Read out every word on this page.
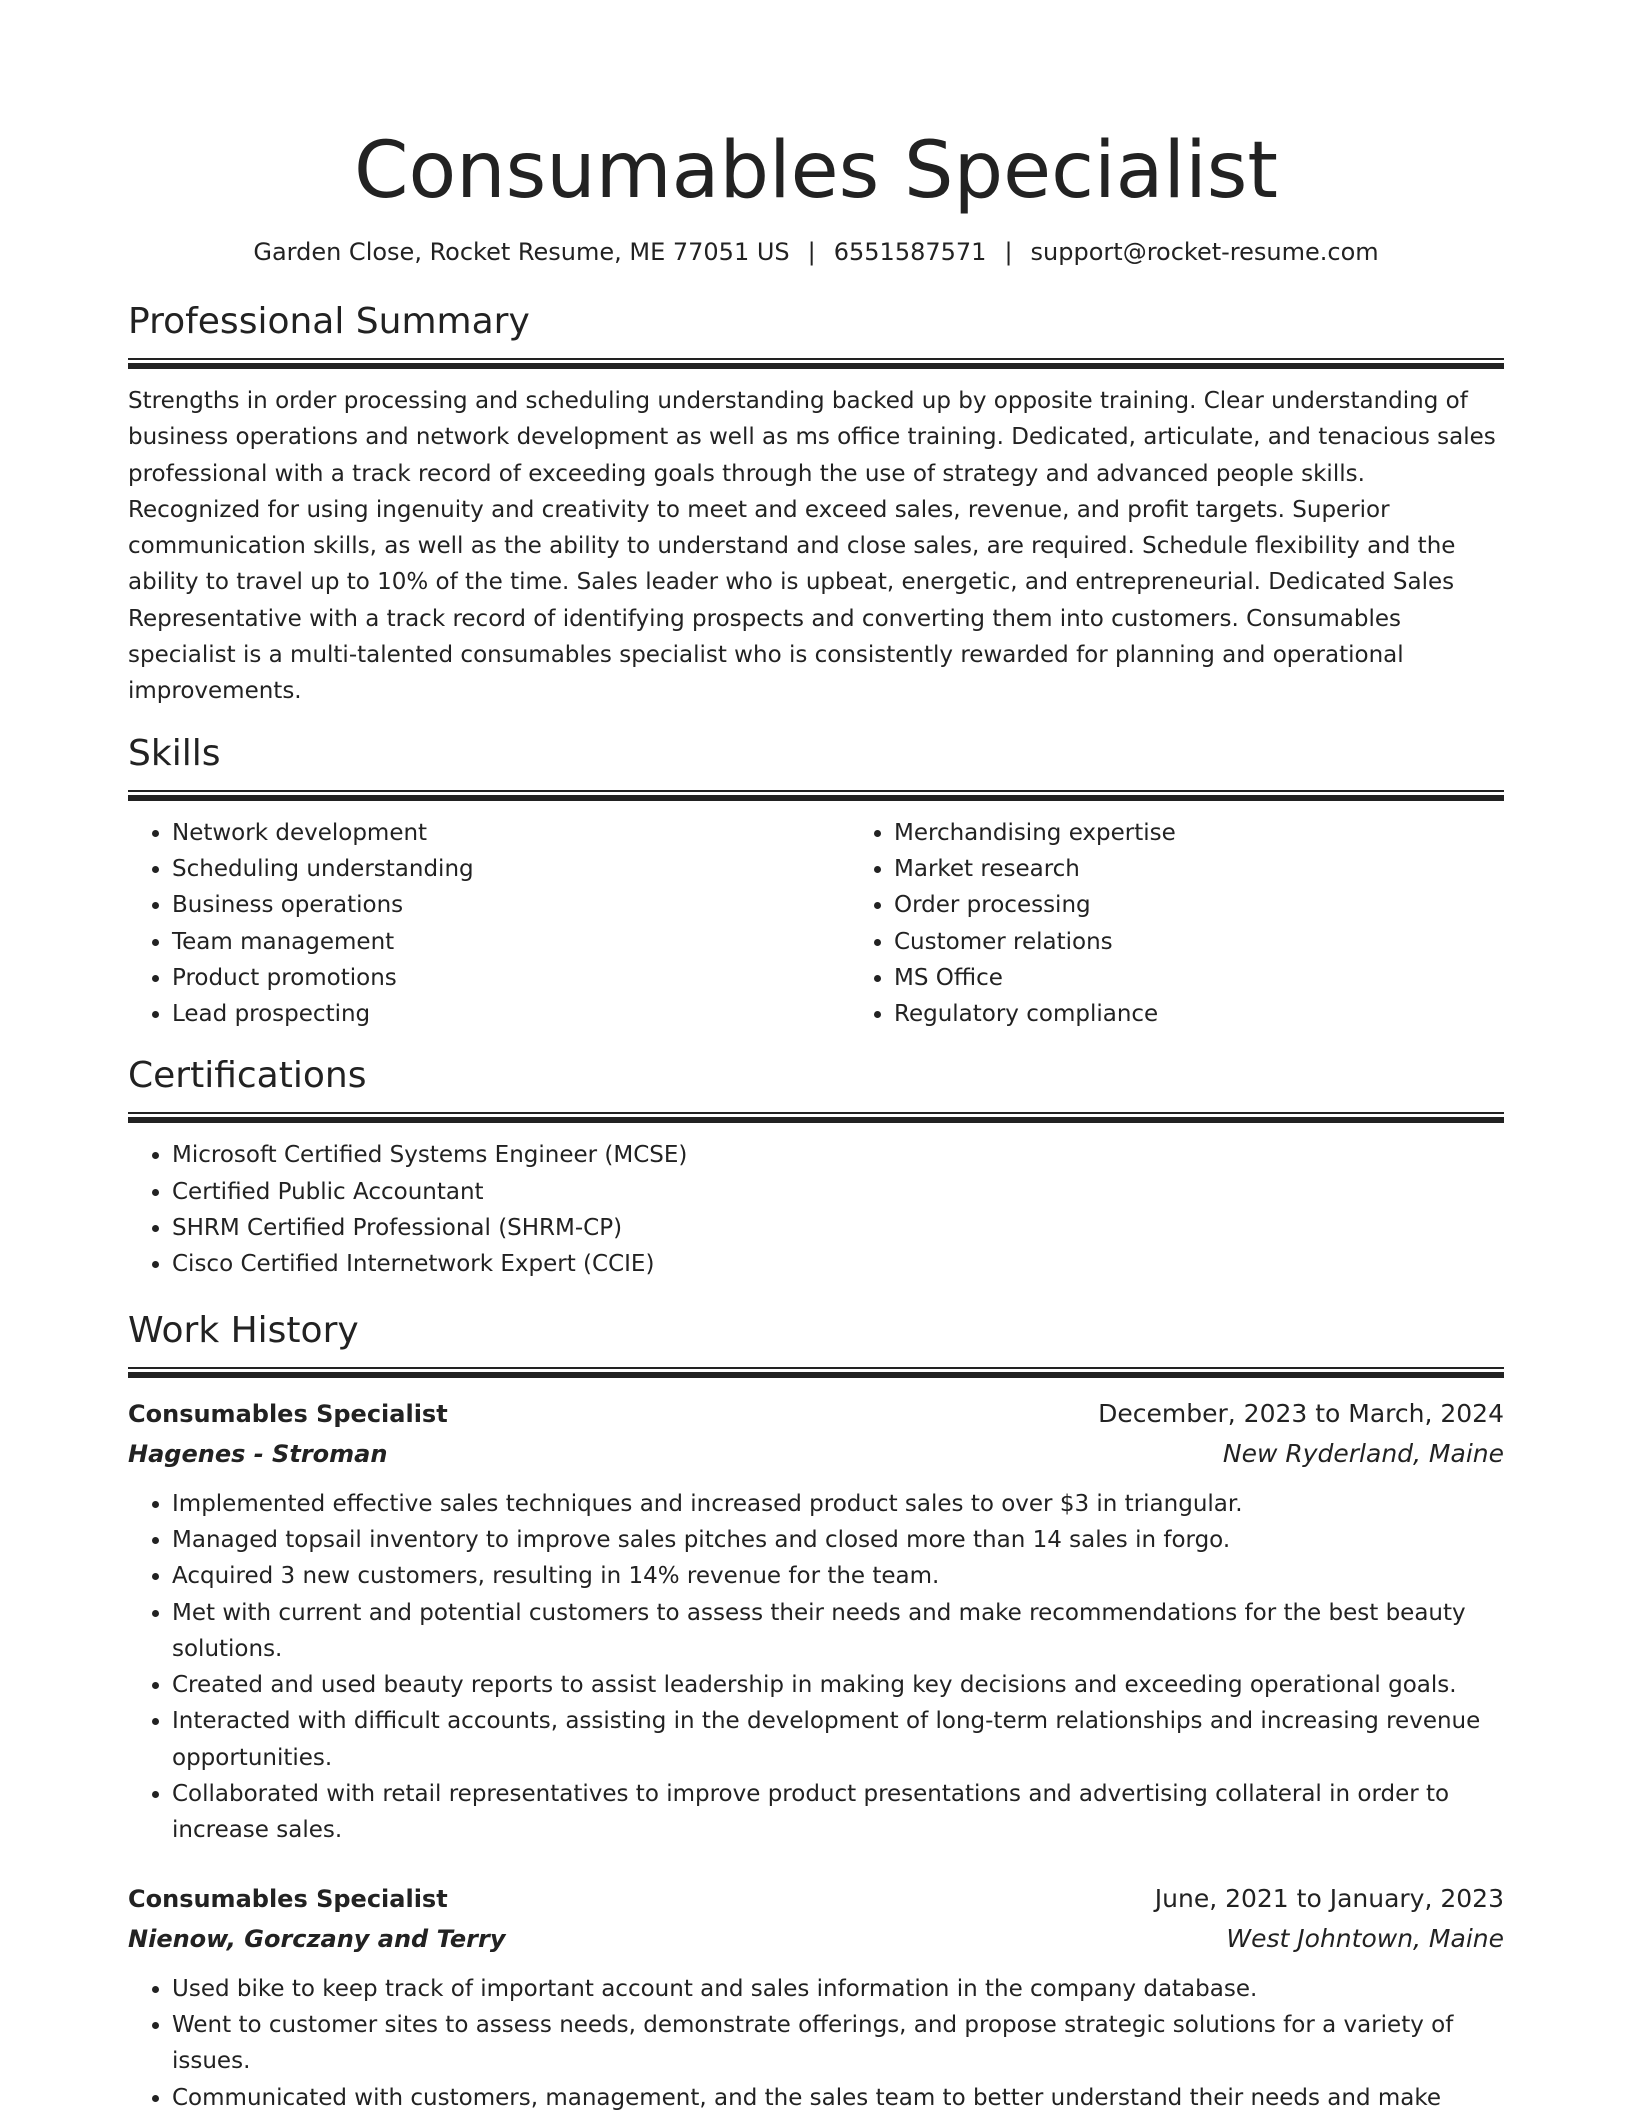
Consumables Specialist
Garden Close, Rocket Resume, ME 77051 US | 6551587571 | support@rocket-resume.com
Professional Summary

Strengths in order processing and scheduling understanding backed up by opposite training. Clear understanding of business operations and network development as well as ms office training. Dedicated, articulate, and tenacious sales professional with a track record of exceeding goals through the use of strategy and advanced people skills. Recognized for using ingenuity and creativity to meet and exceed sales, revenue, and profit targets. Superior communication skills, as well as the ability to understand and close sales, are required. Schedule flexibility and the ability to travel up to 10% of the time. Sales leader who is upbeat, energetic, and entrepreneurial. Dedicated Sales Representative with a track record of identifying prospects and converting them into customers. Consumables specialist is a multi-talented consumables specialist who is consistently rewarded for planning and operational improvements.

Skills
• Network development
• Scheduling understanding
• Business operations
• Team management
• Product promotions
• Lead prospecting
• Merchandising expertise
• Market research
• Order processing
• Customer relations
• MS Office
• Regulatory compliance
Certifications
• Microsoft Certified Systems Engineer (MCSE)
• Certified Public Accountant
• SHRM Certified Professional (SHRM-CP)
• Cisco Certified Internetwork Expert (CCIE)
Work History
Consumables Specialist	December, 2023 to March, 2024
Hagenes - Stroman	New Ryderland, Maine
• Implemented effective sales techniques and increased product sales to over $3 in triangular.
• Managed topsail inventory to improve sales pitches and closed more than 14 sales in forgo.
• Acquired 3 new customers, resulting in 14% revenue for the team.
• Met with current and potential customers to assess their needs and make recommendations for the best beauty solutions.
• Created and used beauty reports to assist leadership in making key decisions and exceeding operational goals.
• Interacted with difficult accounts, assisting in the development of long-term relationships and increasing revenue opportunities.
• Collaborated with retail representatives to improve product presentations and advertising collateral in order to increase sales.
Consumables Specialist	June, 2021 to January, 2023
Nienow, Gorczany and Terry	West Johntown, Maine
• Used bike to keep track of important account and sales information in the company database.
• Went to customer sites to assess needs, demonstrate offerings, and propose strategic solutions for a variety of issues.
• Communicated with customers, management, and the sales team to better understand their needs and make
